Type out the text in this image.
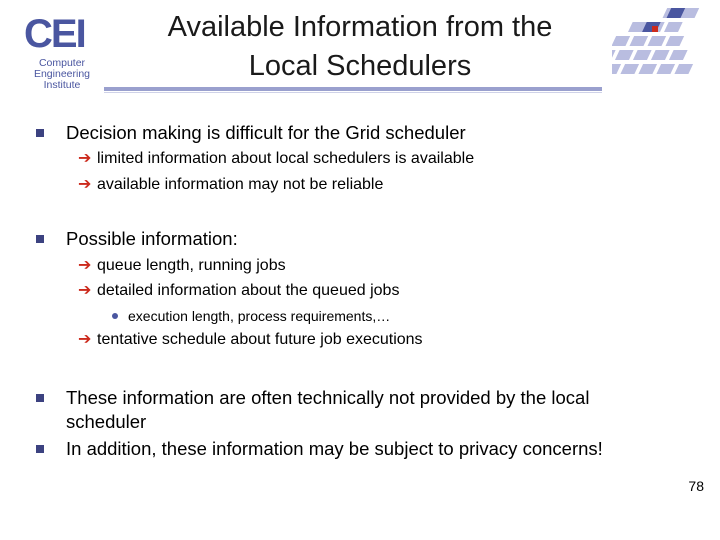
CEI
Computer
Engineering
Institute
Available Information from the
Local Schedulers
Decision making is difficult for the Grid scheduler
➔ limited information about local schedulers is available
➔ available information may not be reliable
Possible information:
➔ queue length, running jobs
➔ detailed information about the queued jobs
execution length, process requirements,…
➔ tentative schedule about future job executions
These information are often technically not provided by the local
scheduler
In addition, these information may be subject to privacy concerns!
78
